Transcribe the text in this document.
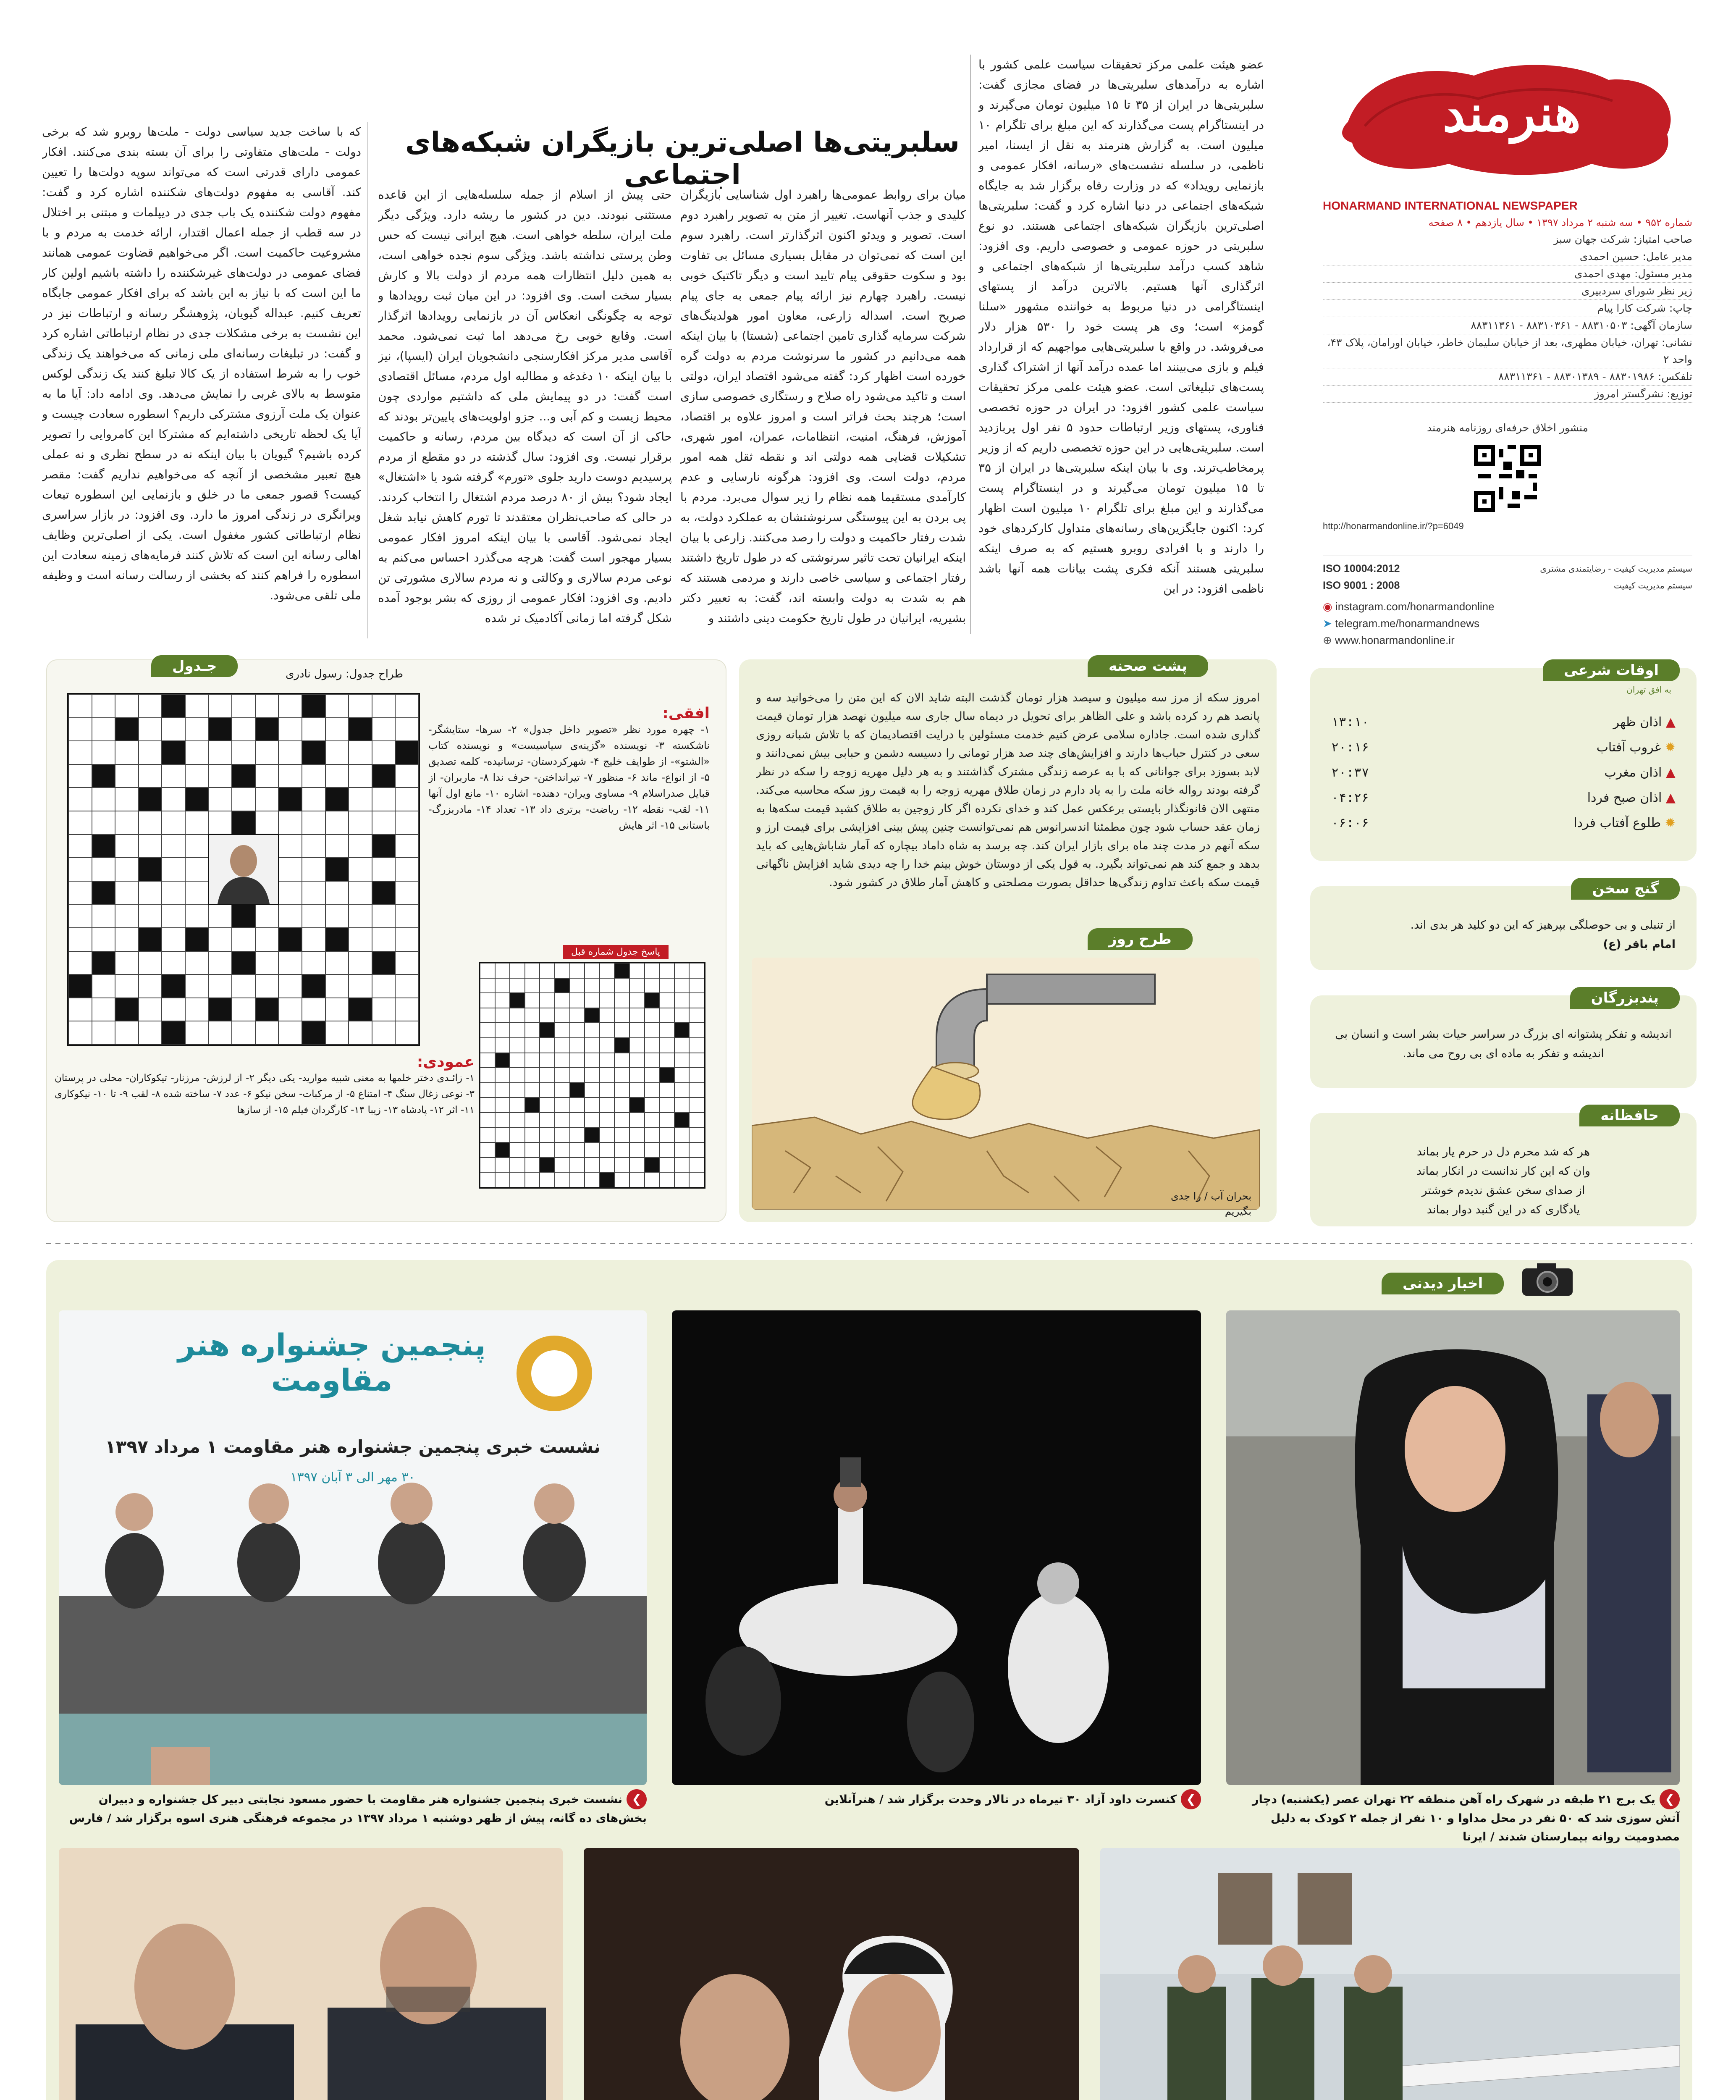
هنرمند
HONARMAND INTERNATIONAL NEWSPAPER
شماره ۹۵۲ • سه شنبه ۲ مرداد ۱۳۹۷ • سال یازدهم • ۸ صفحه
صاحب امتیاز: شرکت جهان سبز
مدیر عامل: حسین احمدی
مدیر مسئول: مهدی احمدی
زیر نظر شورای سردبیری
چاپ: شرکت کارا پیام
سازمان آگهی: ۸۸۳۱۰۵۰۳ - ۸۸۳۱۰۳۶۱ - ۸۸۳۱۱۳۶۱
نشانی: تهران، خیابان مطهری، بعد از خیابان سلیمان خاطر، خیابان اورامان، پلاک ۴۳، واحد ۲
تلفکس: ۸۸۳۰۱۹۸۶ - ۸۸۳۰۱۳۸۹ - ۸۸۳۱۱۳۶۱
توزیع: نشرگستر امروز
منشور اخلاق حرفه‌ای روزنامه هنرمند
http://honarmandonline.ir/?p=6049
سیستم مدیریت کیفیت - رضایتمندی مشتری
ISO 10004:2012
سیستم مدیریت کیفیت
ISO 9001 : 2008
◉ instagram.com/honarmandonline
➤ telegram.me/honarmandnews
⊕ www.honarmandonline.ir
سلبریتی‌ها اصلی‌ترین بازیگران شبکه‌های اجتماعی
عضو هیئت علمی مرکز تحقیقات سیاست علمی کشور با اشاره به درآمدهای سلبریتی‌ها در فضای مجازی گفت: سلبریتی‌ها در ایران از ۳۵ تا ۱۵ میلیون تومان می‌گیرند و در اینستاگرام پست می‌گذارند که این مبلغ برای تلگرام ۱۰ میلیون است. به گزارش هنرمند به نقل از ایسنا، امیر ناظمی، در سلسله نشست‌های «رسانه، افکار عمومی و بازنمایی رویداد» که در وزارت رفاه برگزار شد به جایگاه شبکه‌های اجتماعی در دنیا اشاره کرد و گفت: سلبریتی‌ها اصلی‌ترین بازیگران شبکه‌های اجتماعی هستند. دو نوع سلبریتی در حوزه عمومی و خصوصی داریم. وی افزود: شاهد کسب درآمد سلبریتی‌ها از شبکه‌های اجتماعی و اثرگذاری آنها هستیم. بالاترین درآمد از پستهای اینستاگرامی در دنیا مربوط به خواننده مشهور «سلنا گومز» است؛ وی هر پست خود را ۵۳۰ هزار دلار می‌فروشد. در واقع با سلبریتی‌هایی مواجهیم که از قرارداد فیلم و بازی می‌بینند اما عمده درآمد آنها از اشتراک گذاری پست‌های تبلیغاتی است. عضو هیئت علمی مرکز تحقیقات سیاست علمی کشور افزود: در ایران در حوزه تخصصی فناوری، پستهای وزیر ارتباطات حدود ۵ نفر اول پربازدید است. سلبریتی‌هایی در این حوزه تخصصی داریم که از وزیر پرمخاطب‌ترند. وی با بیان اینکه سلبریتی‌ها در ایران از ۳۵ تا ۱۵ میلیون تومان می‌گیرند و در اینستاگرام پست می‌گذارند و این مبلغ برای تلگرام ۱۰ میلیون است اظهار کرد: اکنون جایگزین‌های رسانه‌های متداول کارکردهای خود را دارند و با افرادی روبرو هستیم که به صرف اینکه سلبریتی هستند آنکه فکری پشت بیانات همه آنها باشد ناظمی افزود: در این
میان برای روابط عمومی‌ها راهبرد اول شناسایی بازیگران کلیدی و جذب آنهاست. تغییر از متن به تصویر راهبرد دوم است. تصویر و ویدئو اکنون اثرگذارتر است. راهبرد سوم این است که نمی‌توان در مقابل بسیاری مسائل بی تفاوت بود و سکوت حقوقی پیام تایید است و دیگر تاکتیک خوبی نیست. راهبرد چهارم نیز ارائه پیام جمعی به جای پیام صریح است. اسداله زارعی، معاون امور هولدینگ‌های شرکت سرمایه گذاری تامین اجتماعی (شستا) با بیان اینکه همه می‌دانیم در کشور ما سرنوشت مردم به دولت گره خورده است اظهار کرد: گفته می‌شود اقتصاد ایران، دولتی است و تاکید می‌شود راه صلاح و رستگاری خصوصی سازی است؛ هرچند بحث فراتر است و امروز علاوه بر اقتصاد، آموزش، فرهنگ، امنیت، انتظامات، عمران، امور شهری، تشکیلات قضایی همه دولتی اند و نقطه ثقل همه امور مردم، دولت است. وی افزود: هرگونه نارسایی و عدم کارآمدی مستقیما همه نظام را زیر سوال می‌برد. مردم با پی بردن به این پیوستگی سرنوشتشان به عملکرد دولت، به شدت رفتار حاکمیت و دولت را رصد می‌کنند. زارعی با بیان اینکه ایرانیان تحت تاثیر سرنوشتی که در طول تاریخ داشتند رفتار اجتماعی و سیاسی خاصی دارند و مردمی هستند که هم به شدت به دولت وابسته اند، گفت: به تعبیر دکتر بشیریه، ایرانیان در طول تاریخ حکومت دینی داشتند و
حتی پیش از اسلام از جمله سلسله‌هایی از این قاعده مستثنی نبودند. دین در کشور ما ریشه دارد. ویژگی دیگر ملت ایران، سلطه خواهی است. هیچ ایرانی نیست که حس وطن پرستی نداشته باشد. ویژگی سوم نجده خواهی است، به همین دلیل انتظارات همه مردم از دولت بالا و کارش بسیار سخت است. وی افزود: در این میان ثبت رویدادها و توجه به چگونگی انعکاس آن در بازنمایی رویدادها اثرگذار است. وقایع خوبی رخ می‌دهد اما ثبت نمی‌شود. محمد آقاسی مدیر مرکز افکارسنجی دانشجویان ایران (ایسپا)، نیز با بیان اینکه ۱۰ دغدغه و مطالبه اول مردم، مسائل اقتصادی است گفت: در دو پیمایش ملی که داشتیم مواردی چون محیط زیست و کم آبی و... جزو اولویت‌های پایین‌تر بودند که حاکی از آن است که دیدگاه بین مردم، رسانه و حاکمیت برقرار نیست. وی افزود: سال گذشته در دو مقطع از مردم پرسیدیم دوست دارید جلوی «تورم» گرفته شود یا «اشتغال» ایجاد شود؟ بیش از ۸۰ درصد مردم اشتغال را انتخاب کردند. در حالی که صاحب‌نظران معتقدند تا تورم کاهش نیابد شغل ایجاد نمی‌شود. آقاسی با بیان اینکه امروز افکار عمومی بسیار مهجور است گفت: هرچه می‌گذرد احساس می‌کنم به نوعی مردم سالاری و وکالتی و نه مردم سالاری مشورتی تن دادیم. وی افزود: افکار عمومی از روزی که بشر بوجود آمده شکل گرفته اما زمانی آکادمیک تر شده
که با ساخت جدید سیاسی دولت - ملت‌ها روبرو شد که برخی دولت - ملت‌های متفاوتی را برای آن بسته بندی می‌کنند. افکار عمومی دارای قدرتی است که می‌تواند سوپه دولت‌ها را تعیین کند. آقاسی به مفهوم دولت‌های شکننده اشاره کرد و گفت: مفهوم دولت شکننده یک باب جدی در دیپلمات و مبتنی بر اختلال در سه قطب از جمله اعمال اقتدار، ارائه خدمت به مردم و با مشروعیت حاکمیت است. اگر می‌خواهیم قضاوت عمومی همانند فضای عمومی در دولت‌های غیرشکننده را داشته باشیم اولین کار ما این است که با نیاز به این باشد که برای افکار عمومی جایگاه تعریف کنیم. عبداله گیویان، پژوهشگر رسانه و ارتباطات نیز در این نشست به برخی مشکلات جدی در نظام ارتباطاتی اشاره کرد و گفت: در تبلیغات رسانه‌ای ملی زمانی که می‌خواهند یک زندگی خوب را به شرط استفاده از یک کالا تبلیغ کنند یک زندگی لوکس متوسط به بالای غربی را نمایش می‌دهد. وی ادامه داد: آیا ما به عنوان یک ملت آرزوی مشترکی داریم؟ اسطوره سعادت چیست و آیا یک لحظه تاریخی داشته‌ایم که مشترکا این کامروایی را تصویر کرده باشیم؟ گیویان با بیان اینکه نه در سطح نظری و نه عملی هیچ تعبیر مشخصی از آنچه که می‌خواهیم نداریم گفت: مقصر کیست؟ قصور جمعی ما در خلق و بازنمایی این اسطوره تبعات ویرانگری در زندگی امروز ما دارد. وی افزود: در بازار سراسری نظام ارتباطاتی کشور مغفول است. یکی از اصلی‌ترین وظایف اهالی رسانه این است که تلاش کنند فرمایه‌های زمینه سعادت این اسطوره را فراهم کنند که بخشی از رسالت رسانه است و وظیفه ملی تلقی می‌شود.
اوقات شرعی
به افق تهران
▲ اذان ظهر
۱۳:۱۰
✹ غروب آفتاب
۲۰:۱۶
▲ اذان مغرب
۲۰:۳۷
▲ اذان صبح فردا
۰۴:۲۶
✹ طلوع آفتاب فردا
۰۶:۰۶
گنج سخن
از تنبلی و بی حوصلگی بپرهیز که این دو کلید هر بدی اند.
امام باقر (ع)
پندبزرگان
اندیشه و تفکر پشتوانه ای بزرگ در سراسر حیات بشر است و انسان بی اندیشه و تفکر به ماده ای بی روح می ماند.
حافظانه
هر که شد محرم دل در حرم یار بماند
وان که این کار ندانست در انکار بماند
از صدای سخن عشق ندیدم خوشتر
یادگاری که در این گنبد دوار بماند
پشت صحنه
امروز سکه از مرز سه میلیون و سیصد هزار تومان گذشت البته شاید الان که این متن را می‌خوانید سه و پانصد هم رد کرده باشد و علی الظاهر برای تحویل در دیماه سال جاری سه میلیون نهصد هزار تومان قیمت گذاری شده است. جاداره سلامی عرض کنیم خدمت مسئولین با درایت اقتصادیمان که با تلاش شبانه روزی سعی در کنترل حباب‌ها دارند و افزایش‌های چند صد هزار تومانی را دسیسه دشمن و حبابی بیش نمی‌دانند و لابد بسوزد برای جوانانی که با به عرصه زندگی مشترک گذاشتند و به هر دلیل مهریه زوجه را سکه در نظر گرفته بودند رواله خانه ملت را به یاد دارم در زمان طلاق مهریه زوجه را به قیمت روز سکه محاسبه می‌کند. منتهی الان قانونگذار بایستی برعکس عمل کند و خدای نکرده اگر کار زوجین به طلاق کشید قیمت سکه‌ها به زمان عقد حساب شود چون مطمئنا اندسرانوس هم نمی‌توانست چنین پیش بینی افزایشی برای قیمت ارز و سکه آنهم در مدت چند ماه برای بازار ایران کند. چه برسد به شاه داماد بیچاره که آمار شاباش‌هایی که باید بدهد و جمع کند هم نمی‌تواند بگیرد. به قول یکی از دوستان خوش بینم خدا را چه دیدی شاید افزایش ناگهانی قیمت سکه باعث تداوم زندگی‌ها حداقل بصورت مصلحتی و کاهش آمار طلاق در کشور شود.
طرح روز
بحران آب / را جدی
بگیریم
جـدول	طراح جدول: رسول نادری
افقی:
۱- چهره مورد نظر «تصویر داخل جدول» ۲- سرها- ستایشگر- ناشکسته ۳- نویسنده «گزینه‌ی سیاسیست» و نویسنده کتاب «الشتو»- از طوایف خلیج ۴- شهرکردستان- ترسانیده- کلمه تصدیق ۵- از انواع- ماند ۶- منظور ۷- تیرانداختن- حرف ندا ۸- ماربران- از قبایل صدراسلام ۹- مساوی ویران- دهنده- اشاره ۱۰- مانع اول آنها ۱۱- لقب- نقطه ۱۲- ریاضت- برتری داد ۱۳- تعداد ۱۴- مادربزرگ- باستانی ۱۵- اثر هایش
پاسخ جدول شماره قبل
عمودی:
۱- زائـدی دختر خلمها به معنی شبیه موارید- یکی دیگر ۲- از لرزش- مرزنار- تیکوکاران- محلی در پرستان ۳- نوعی زغال سنگ ۴- امتناع ۵- از مرکبات- سخن نیکو ۶- عدد ۷- ساخته شده ۸- لقب ۹- تا ۱۰- نیکوکاری ۱۱- اثر ۱۲- پادشاه ۱۳- زیبا ۱۴- کارگردان فیلم ۱۵- از سازها
اخبار دیدنی
پنجمین جشنواره هنر مقاومت
نشست خبری پنجمین جشنواره هنر مقاومت ۱ مرداد ۱۳۹۷
۳۰ مهر الی ۳ آبان ۱۳۹۷
❯یک برج ۲۱ طبقه در شهرک راه آهن منطقه ۲۲ تهران عصر (یکشنبه) دچار آتش سوزی شد که ۵۰ نفر در محل مداوا و ۱۰ نفر از جمله ۲ کودک به دلیل مصدومیت روانه بیمارستان شدند / ایرنا
❯کنسرت داود آزاد ۳۰ تیرماه در تالار وحدت برگزار شد / هنرآنلاین
❯نشست خبری پنجمین جشنواره هنر مقاومت با حضور مسعود نجابتی دبیر کل جشنواره و دبیران بخش‌های ده گانه، پیش از ظهر دوشنبه ۱ مرداد ۱۳۹۷ در مجموعه فرهنگی هنری اسوه برگزار شد / فارس
